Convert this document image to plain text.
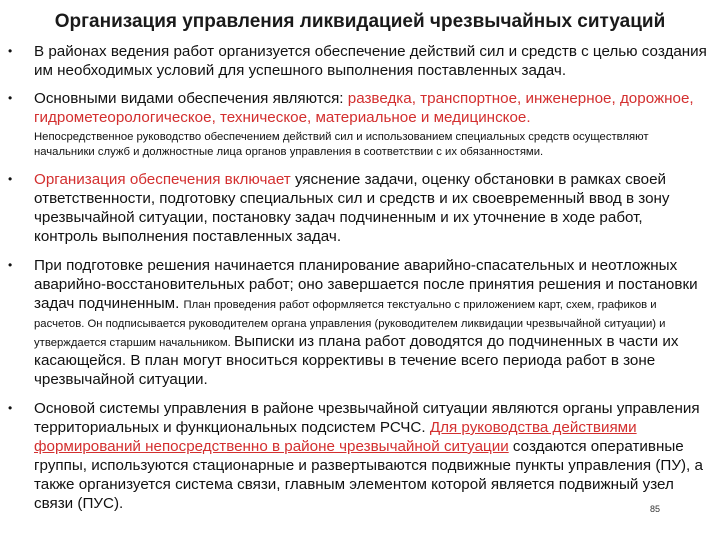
Организация управления ликвидацией чрезвычайных ситуаций
• В районах ведения работ организуется обеспечение действий сил и средств с целью создания им необходимых условий для успешного выполнения поставленных задач.

• Основными видами обеспечения являются: разведка, транспортное, инженерное, дорожное, гидрометеорологическое, техническое, материальное и медицинское.

Непосредственное руководство обеспечением действий сил и использованием специальных средств осуществляют начальники служб и должностные лица органов управления в соответствии с их обязанностями.

• Организация обеспечения включает уяснение задачи, оценку обстановки в рамках своей ответственности, подготовку специальных сил и средств и их своевременный ввод в зону чрезвычайной ситуации, постановку задач подчиненным и их уточнение в ходе работ, контроль выполнения поставленных задач.

• При подготовке решения начинается планирование аварийно-спасательных и неотложных аварийно-восстановительных работ; оно завершается после принятия решения и постановки задач подчиненным. План проведения работ оформляется текстуально с приложением карт, схем, графиков и расчетов. Он подписывается руководителем органа управления (руководителем ликвидации чрезвычайной ситуации) и утверждается старшим начальником. Выписки из плана работ доводятся до подчиненных в части их касающейся. В план могут вноситься коррективы в течение всего периода работ в зоне чрезвычайной ситуации.

• Основой системы управления в районе чрезвычайной ситуации являются органы управления территориальных и функциональных подсистем РСЧС. Для руководства действиями формирований непосредственно в районе чрезвычайной ситуации создаются оперативные группы, используются стационарные и развертываются подвижные пункты управления (ПУ), а также организуется система связи, главным элементом которой является подвижный узел связи (ПУС).	85
